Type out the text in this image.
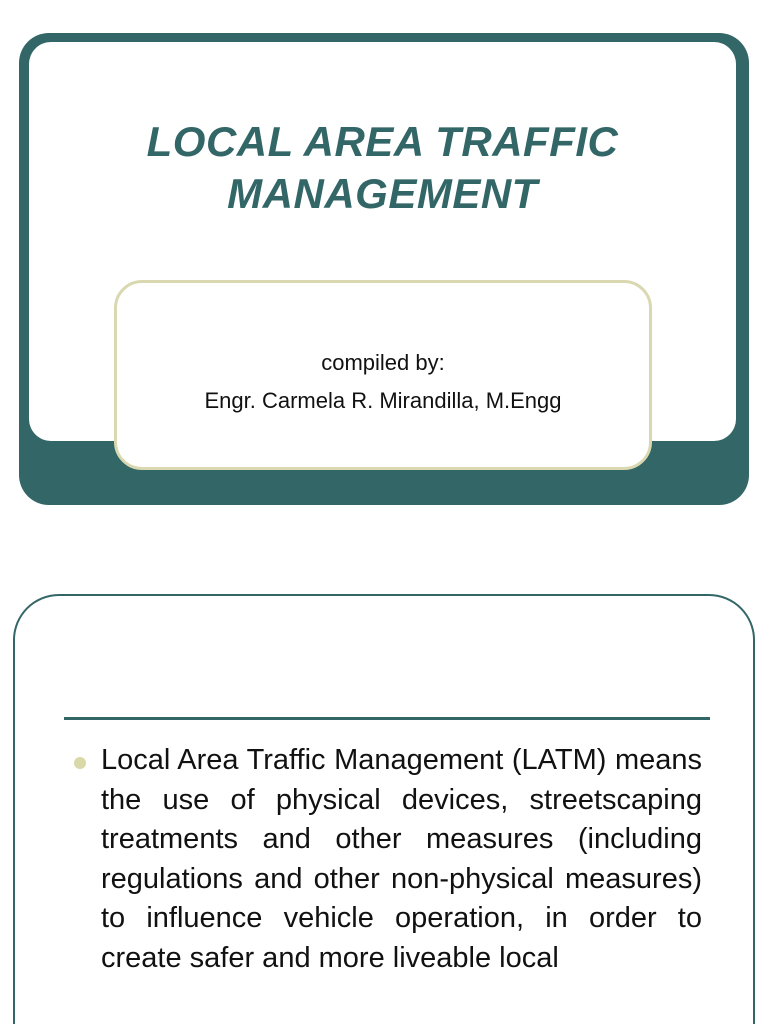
LOCAL AREA TRAFFIC
MANAGEMENT
compiled by:
Engr. Carmela R. Mirandilla, M.Engg

Local Area Traffic Management (LATM) means the use of physical devices, streetscaping treatments and other measures (including regulations and other non-physical measures) to influence vehicle operation, in order to create safer and more liveable local
